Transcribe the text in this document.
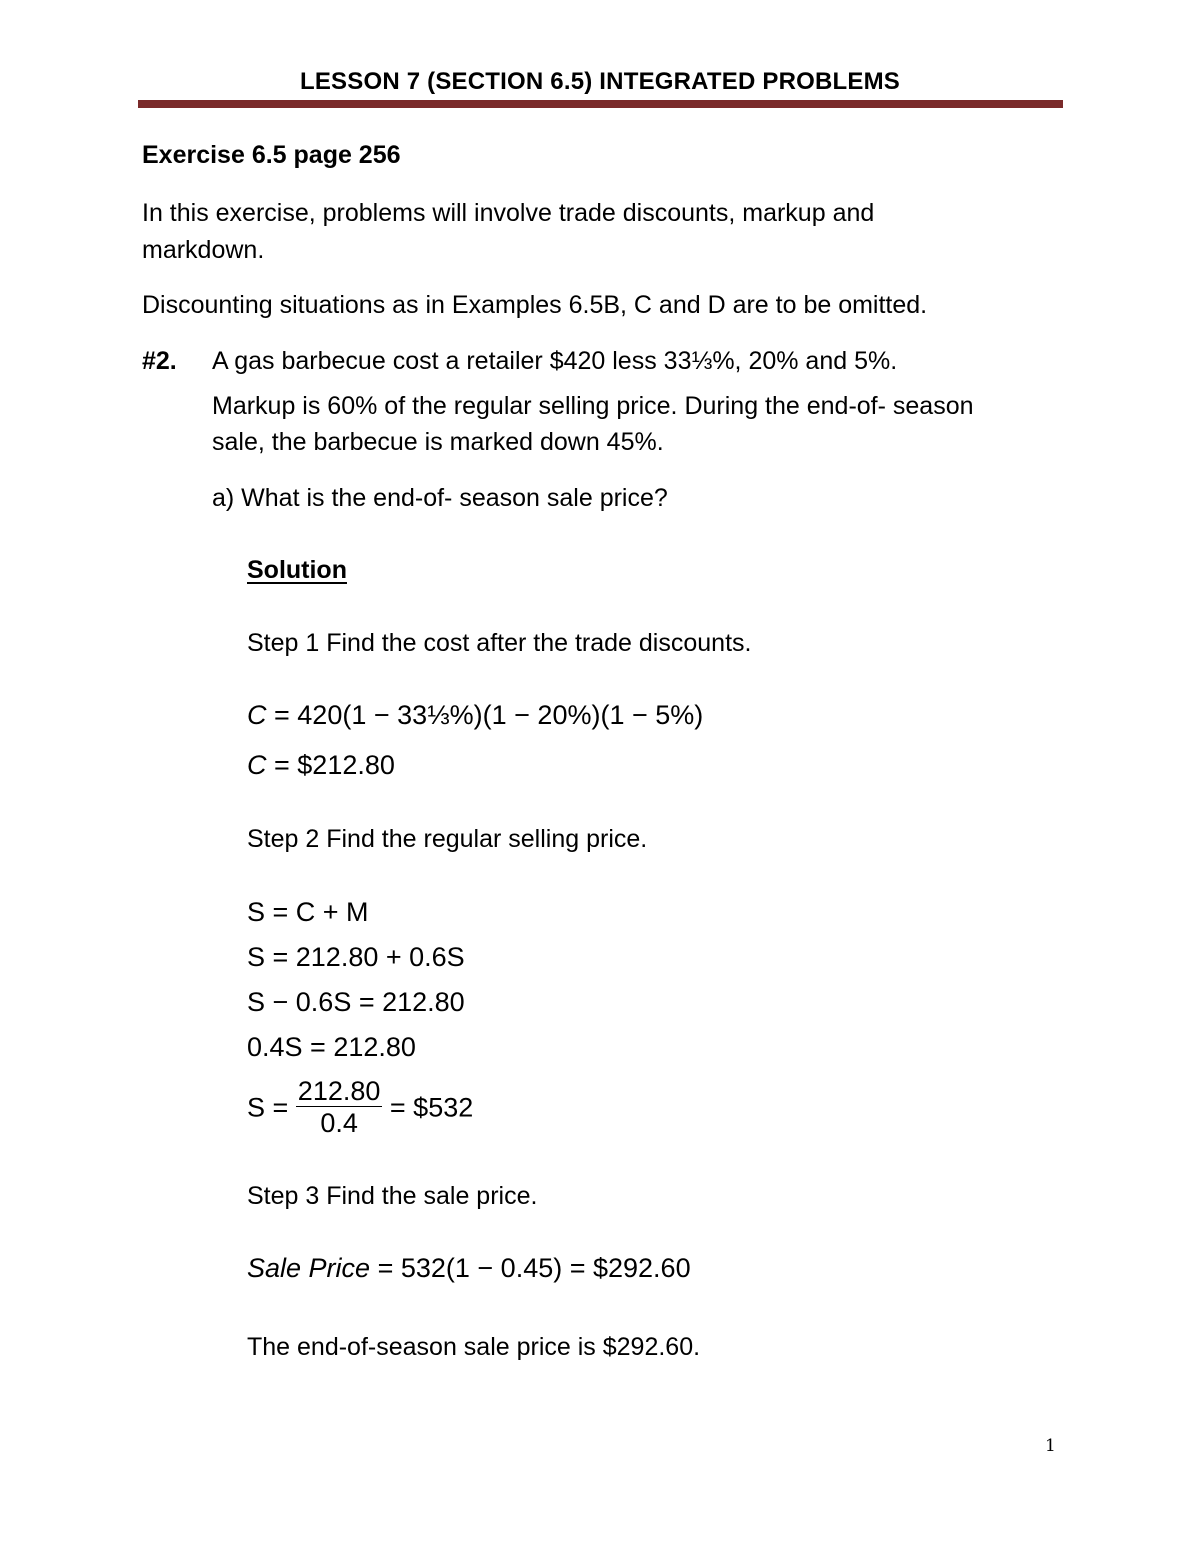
LESSON 7 (SECTION 6.5) INTEGRATED PROBLEMS
Exercise 6.5 page 256
In this exercise, problems will involve trade discounts, markup and
markdown.
Discounting situations as in Examples 6.5B, C and D are to be omitted.
#2. A gas barbecue cost a retailer $420 less 33⅓%, 20% and 5%.
Markup is 60% of the regular selling price. During the end-of- season
sale, the barbecue is marked down 45%.
a) What is the end-of- season sale price?
Solution
Step 1 Find the cost after the trade discounts.
C = 420(1 − 33⅓%)(1 − 20%)(1 − 5%)
C = $212.80
Step 2 Find the regular selling price.
S = C + M
S = 212.80 + 0.6S
S − 0.6S = 212.80
0.4S = 212.80
$S = \frac{212.80}{0.4}$ = $532
Step 3 Find the sale price.
Sale Price = 532(1 − 0.45) = $292.60
The end-of-season sale price is $292.60.
1
